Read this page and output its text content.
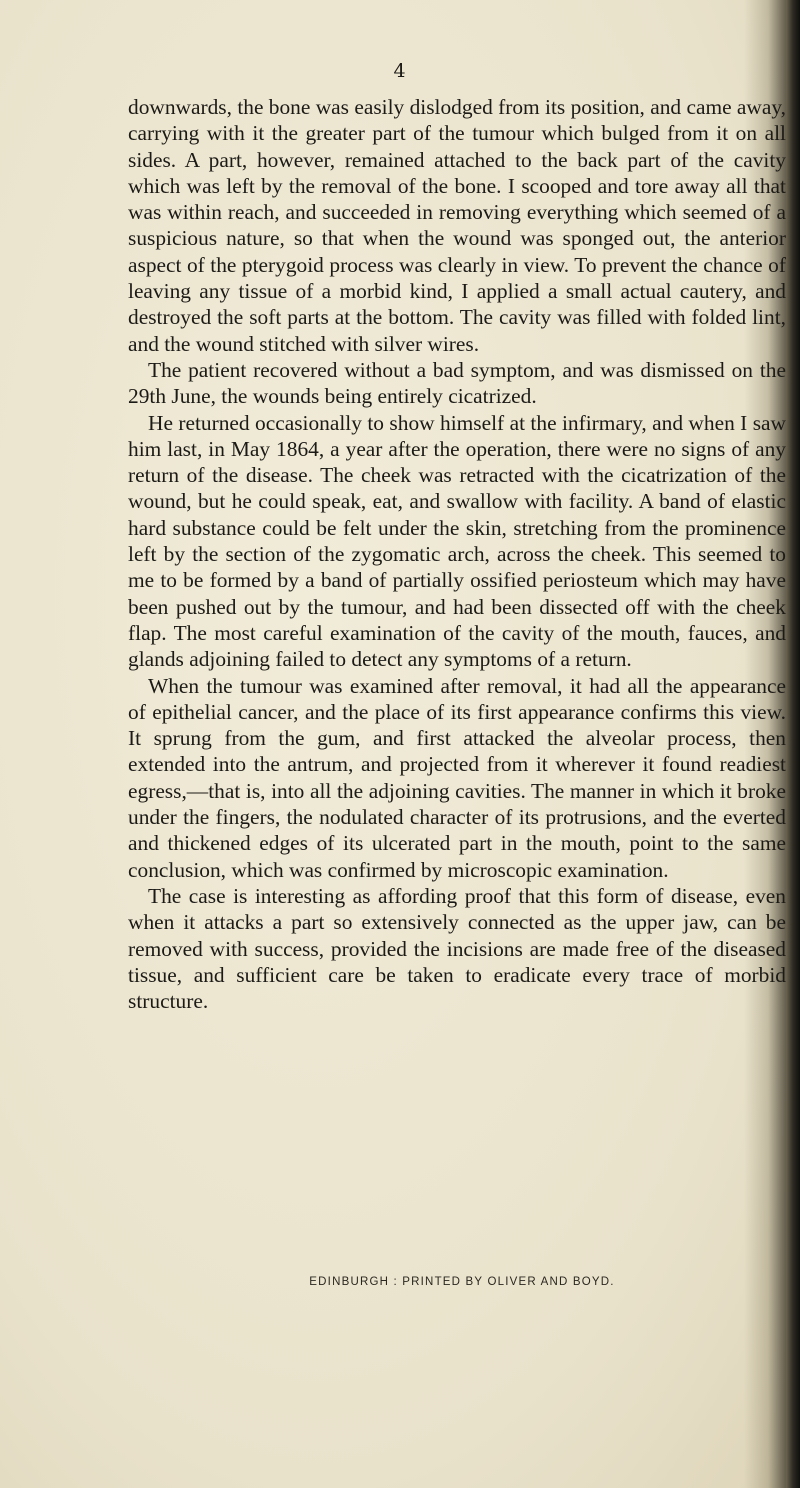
4

downwards, the bone was easily dislodged from its position, and came away, carrying with it the greater part of the tumour which bulged from it on all sides. A part, however, remained attached to the back part of the cavity which was left by the removal of the bone. I scooped and tore away all that was within reach, and succeeded in removing everything which seemed of a suspicious nature, so that when the wound was sponged out, the anterior aspect of the pterygoid process was clearly in view. To prevent the chance of leaving any tissue of a morbid kind, I applied a small actual cautery, and destroyed the soft parts at the bottom. The cavity was filled with folded lint, and the wound stitched with silver wires.

The patient recovered without a bad symptom, and was dismissed on the 29th June, the wounds being entirely cicatrized.

He returned occasionally to show himself at the infirmary, and when I saw him last, in May 1864, a year after the operation, there were no signs of any return of the disease. The cheek was retracted with the cicatrization of the wound, but he could speak, eat, and swallow with facility. A band of elastic hard substance could be felt under the skin, stretching from the prominence left by the section of the zygomatic arch, across the cheek. This seemed to me to be formed by a band of partially ossified periosteum which may have been pushed out by the tumour, and had been dissected off with the cheek flap. The most careful examination of the cavity of the mouth, fauces, and glands adjoining failed to detect any symptoms of a return.

When the tumour was examined after removal, it had all the appearance of epithelial cancer, and the place of its first appearance confirms this view. It sprung from the gum, and first attacked the alveolar process, then extended into the antrum, and projected from it wherever it found readiest egress,—that is, into all the adjoining cavities. The manner in which it broke under the fingers, the nodulated character of its protrusions, and the everted and thickened edges of its ulcerated part in the mouth, point to the same conclusion, which was confirmed by microscopic examination.

The case is interesting as affording proof that this form of disease, even when it attacks a part so extensively connected as the upper jaw, can be removed with success, provided the incisions are made free of the diseased tissue, and sufficient care be taken to eradicate every trace of morbid structure.

EDINBURGH : PRINTED BY OLIVER AND BOYD.
